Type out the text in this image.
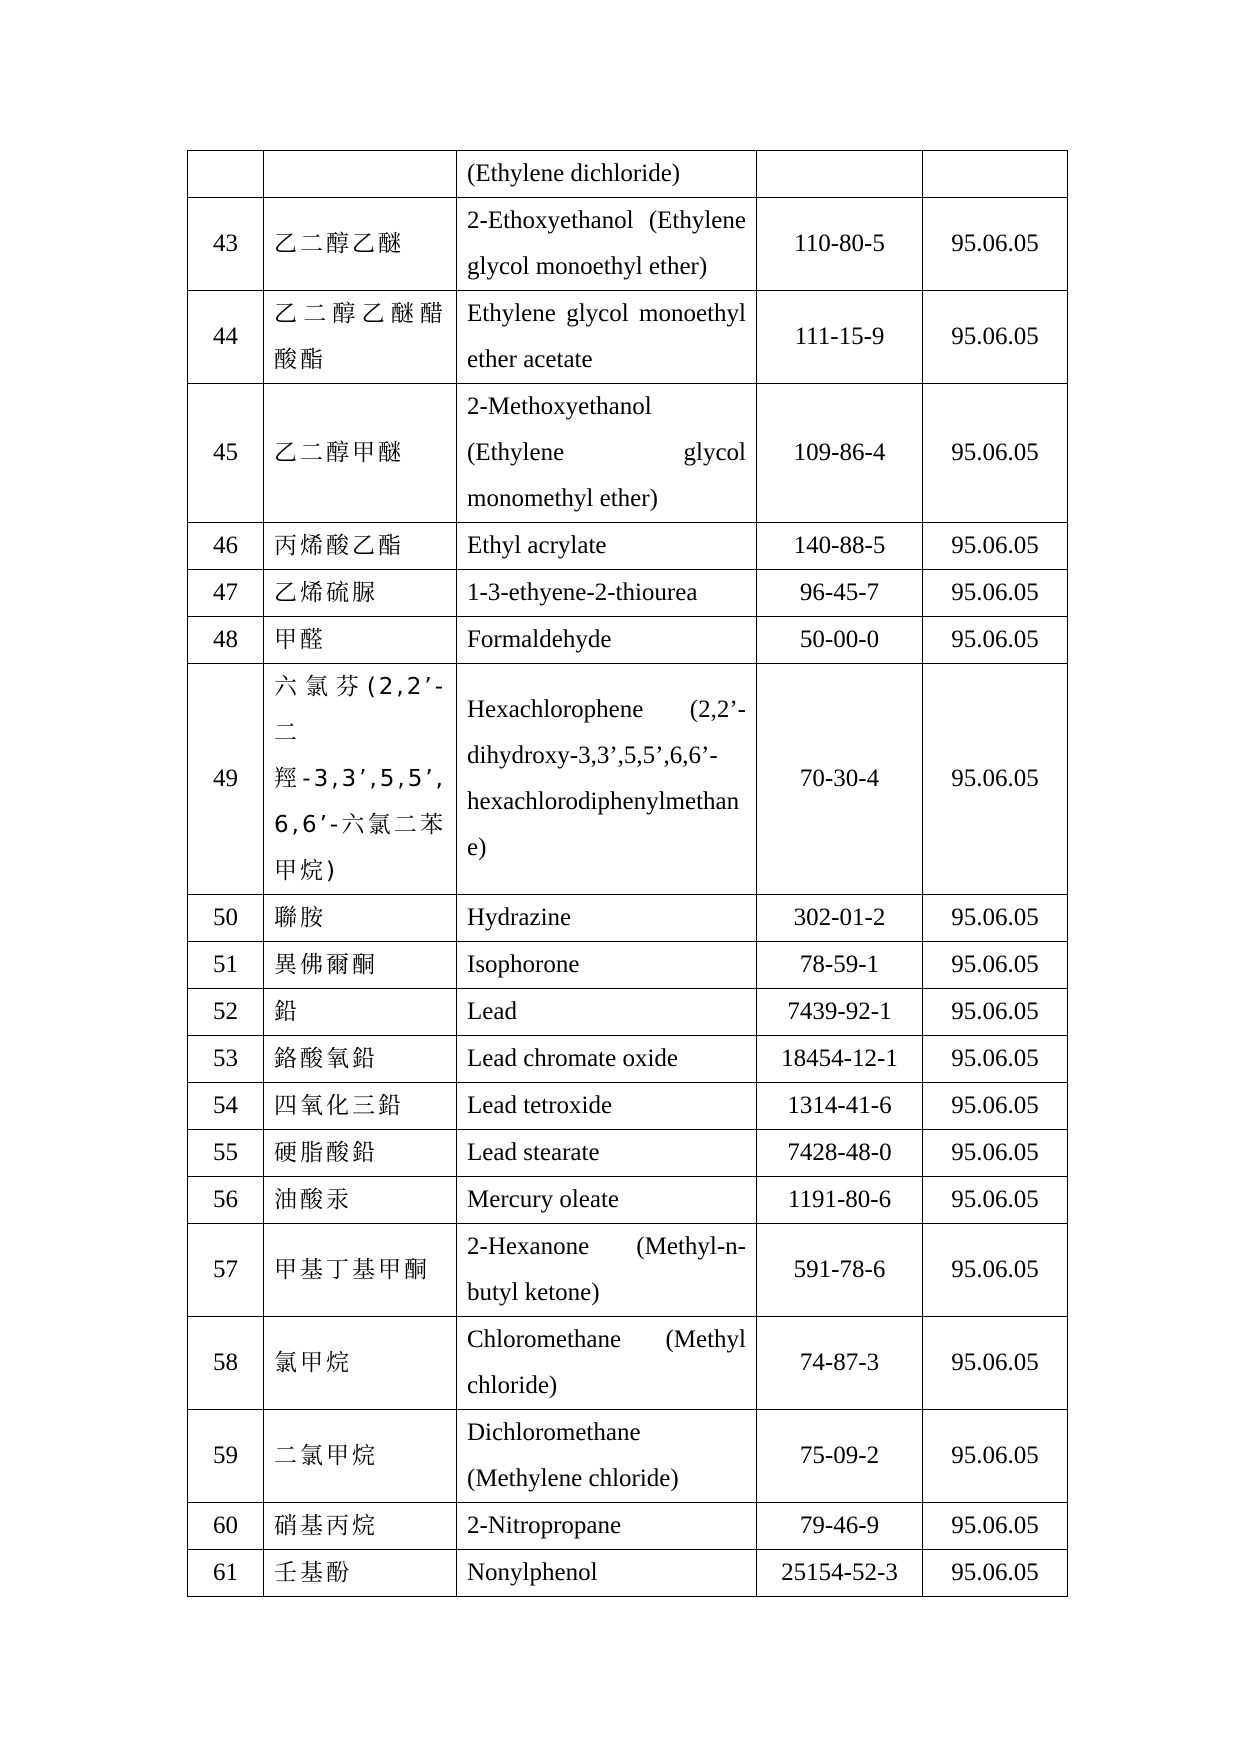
		(Ethylene dichloride)		
43	乙二醇乙醚	2-Ethoxyethanol (Ethylene glycol monoethyl ether)	110-80-5	95.06.05
44	乙二醇乙醚醋酸酯	Ethylene glycol monoethyl ether acetate	111-15-9	95.06.05
45	乙二醇甲醚	2-Methoxyethanol (Ethylene glycol monomethyl ether)	109-86-4	95.06.05
46	丙烯酸乙酯	Ethyl acrylate	140-88-5	95.06.05
47	乙烯硫脲	1-3-ethyene-2-thiourea	96-45-7	95.06.05
48	甲醛	Formaldehyde	50-00-0	95.06.05
49	六氯芬(2,2’-二羥-3,3’,5,5’,6,6’-六氯二苯甲烷)	Hexachlorophene (2,2’-dihydroxy-3,3’,5,5’,6,6’-hexachlorodiphenylmethane)	70-30-4	95.06.05
50	聯胺	Hydrazine	302-01-2	95.06.05
51	異佛爾酮	Isophorone	78-59-1	95.06.05
52	鉛	Lead	7439-92-1	95.06.05
53	鉻酸氧鉛	Lead chromate oxide	18454-12-1	95.06.05
54	四氧化三鉛	Lead tetroxide	1314-41-6	95.06.05
55	硬脂酸鉛	Lead stearate	7428-48-0	95.06.05
56	油酸汞	Mercury oleate	1191-80-6	95.06.05
57	甲基丁基甲酮	2-Hexanone (Methyl-n-butyl ketone)	591-78-6	95.06.05
58	氯甲烷	Chloromethane (Methyl chloride)	74-87-3	95.06.05
59	二氯甲烷	Dichloromethane (Methylene chloride)	75-09-2	95.06.05
60	硝基丙烷	2-Nitropropane	79-46-9	95.06.05
61	壬基酚	Nonylphenol	25154-52-3	95.06.05
